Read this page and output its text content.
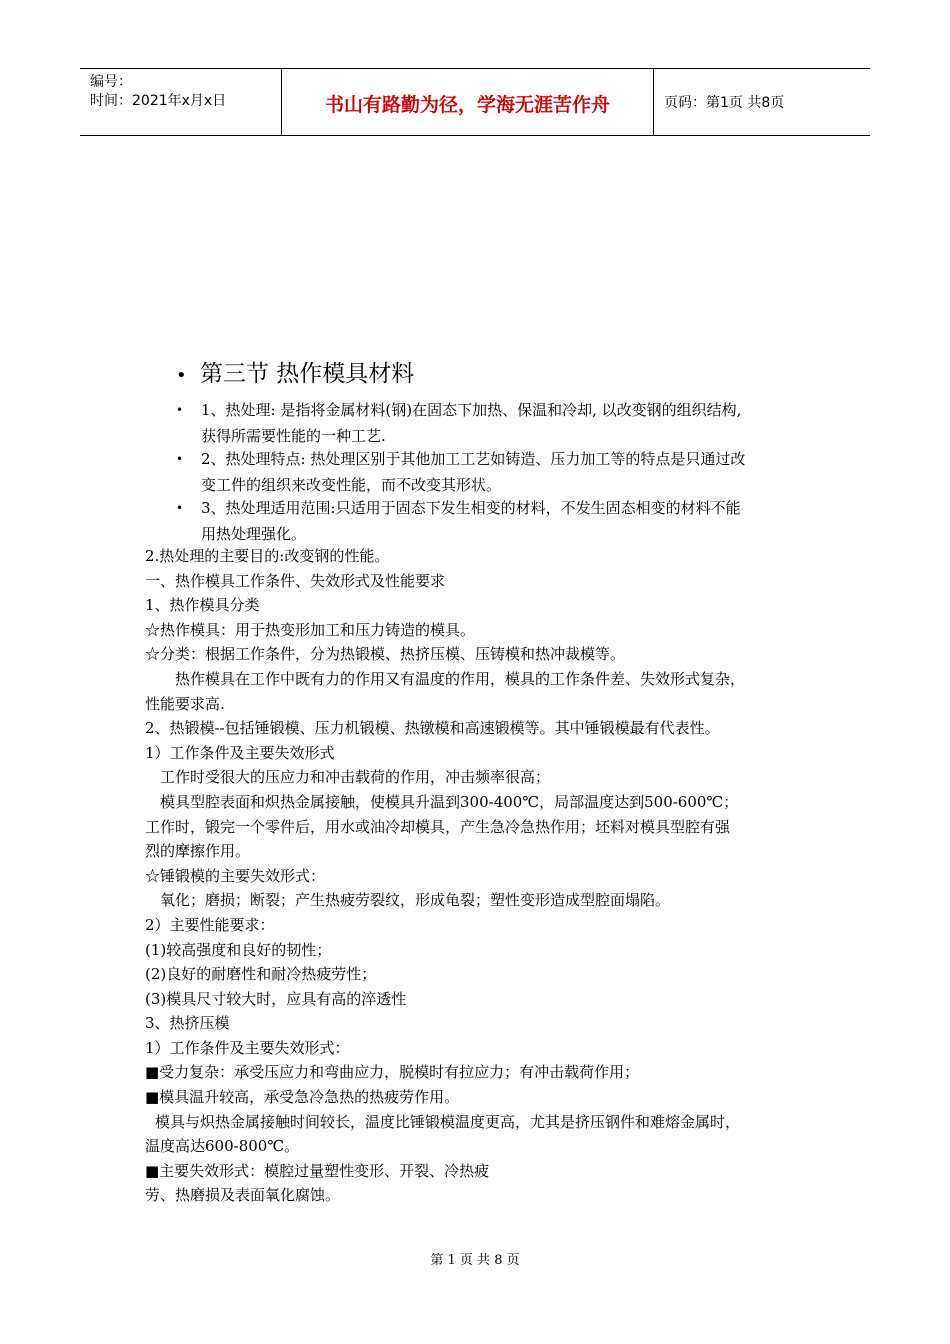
编号：
时间：2021年x月x日	书山有路勤为径，学海无涯苦作舟	页码：第1页 共8页
• 第三节 热作模具材料
• 1、热处理: 是指将金属材料(钢)在固态下加热、保温和冷却, 以改变钢的组织结构,
获得所需要性能的一种工艺.
• 2、热处理特点: 热处理区别于其他加工工艺如铸造、压力加工等的特点是只通过改
变工件的组织来改变性能，而不改变其形状。
• 3、热处理适用范围:只适用于固态下发生相变的材料，不发生固态相变的材料不能
用热处理强化。
2.热处理的主要目的:改变钢的性能。
一、热作模具工作条件、失效形式及性能要求
1、热作模具分类
☆热作模具：用于热变形加工和压力铸造的模具。
☆分类：根据工作条件，分为热锻模、热挤压模、压铸模和热冲裁模等。
热作模具在工作中既有力的作用又有温度的作用，模具的工作条件差、失效形式复杂，
性能要求高.
2、热锻模--包括锤锻模、压力机锻模、热镦模和高速锻模等。其中锤锻模最有代表性。
1）工作条件及主要失效形式
工作时受很大的压应力和冲击载荷的作用，冲击频率很高；
模具型腔表面和炽热金属接触，使模具升温到300-400℃，局部温度达到500-600℃；
工作时，锻完一个零件后，用水或油冷却模具，产生急冷急热作用；坯料对模具型腔有强
烈的摩擦作用。
☆锤锻模的主要失效形式：
氧化；磨损；断裂；产生热疲劳裂纹，形成龟裂；塑性变形造成型腔面塌陷。
2）主要性能要求：
(1)较高强度和良好的韧性；
(2)良好的耐磨性和耐冷热疲劳性；
(3)模具尺寸较大时，应具有高的淬透性
3、热挤压模
1）工作条件及主要失效形式：
■受力复杂：承受压应力和弯曲应力，脱模时有拉应力；有冲击载荷作用；
■模具温升较高，承受急冷急热的热疲劳作用。
模具与炽热金属接触时间较长，温度比锤锻模温度更高，尤其是挤压钢件和难熔金属时，
温度高达600-800℃。
■主要失效形式：模腔过量塑性变形、开裂、冷热疲
劳、热磨损及表面氧化腐蚀。
第 1 页 共 8 页
